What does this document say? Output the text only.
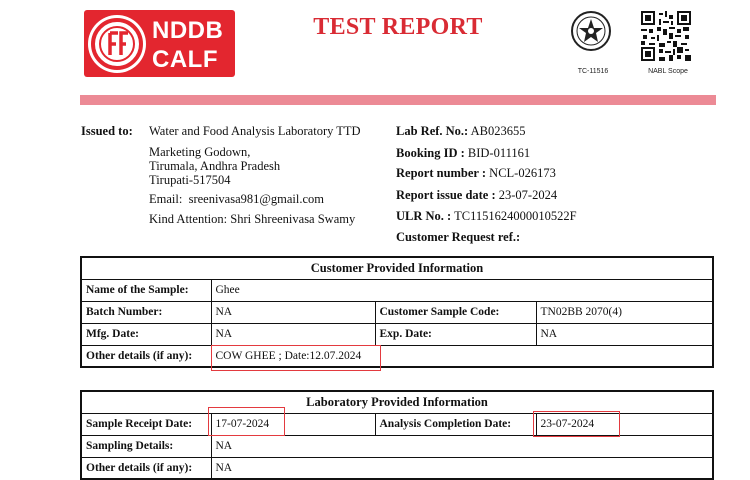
NDDB
CALF
TEST REPORT
TC-11516	NABL Scope
Issued to: Water and Food Analysis Laboratory TTD
Marketing Godown,
Tirumala, Andhra Pradesh
Tirupati-517504
Email: sreenivasa981@gmail.com
Kind Attention: Shri Shreenivasa Swamy
Lab Ref. No.: AB023655
Booking ID : BID-011161
Report number : NCL-026173
Report issue date : 23-07-2024
ULR No. : TC1151624000010522F
Customer Request ref.:
Customer Provided Information			
Name of the Sample:	Ghee		
Batch Number:	NA	Customer Sample Code:	TN02BB 2070(4)
Mfg. Date:	NA	Exp. Date:	NA
Other details (if any):	COW GHEE ; Date:12.07.2024		
Laboratory Provided Information			
Sample Receipt Date:	17-07-2024	Analysis Completion Date:	23-07-2024
Sampling Details:	NA		
Other details (if any):	NA		
